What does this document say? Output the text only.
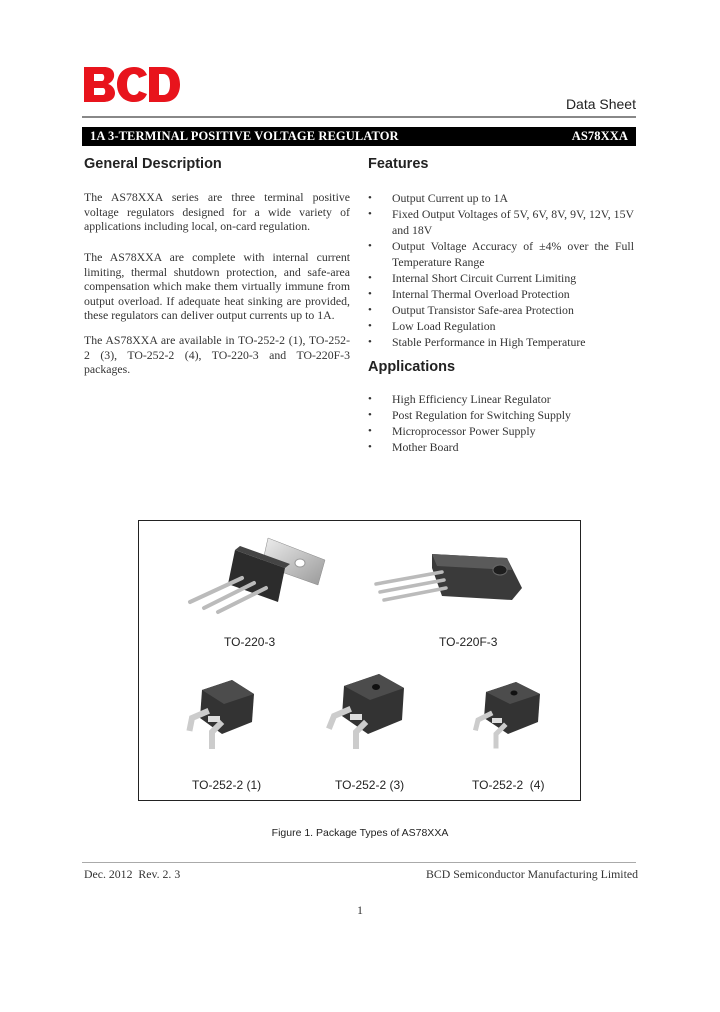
Data Sheet
1A 3-TERMINAL POSITIVE VOLTAGE REGULATOR	AS78XXA
General Description
The AS78XXA series are three terminal positive voltage regulators designed for a wide variety of applications including local, on-card regulation.
The AS78XXA are complete with internal current limiting, thermal shutdown protection, and safe-area compensation which make them virtually immune from output overload. If adequate heat sinking are provided, these regulators can deliver output currents up to 1A.
The AS78XXA are available in TO-252-2 (1), TO-252-2 (3), TO-252-2 (4), TO-220-3 and TO-220F-3 packages.
Features
• Output Current up to 1A
• Fixed Output Voltages of 5V, 6V, 8V, 9V, 12V, 15V and 18V
• Output Voltage Accuracy of ±4% over the Full Temperature Range
• Internal Short Circuit Current Limiting
• Internal Thermal Overload Protection
• Output Transistor Safe-area Protection
• Low Load Regulation
• Stable Performance in High Temperature
Applications
• High Efficiency Linear Regulator
• Post Regulation for Switching Supply
• Microprocessor Power Supply
• Mother Board
TO-220-3	TO-220F-3
TO-252-2 (1)	TO-252-2 (3)	TO-252-2  (4)
Figure 1. Package Types of AS78XXA
Dec. 2012  Rev. 2. 3	BCD Semiconductor Manufacturing Limited
1
